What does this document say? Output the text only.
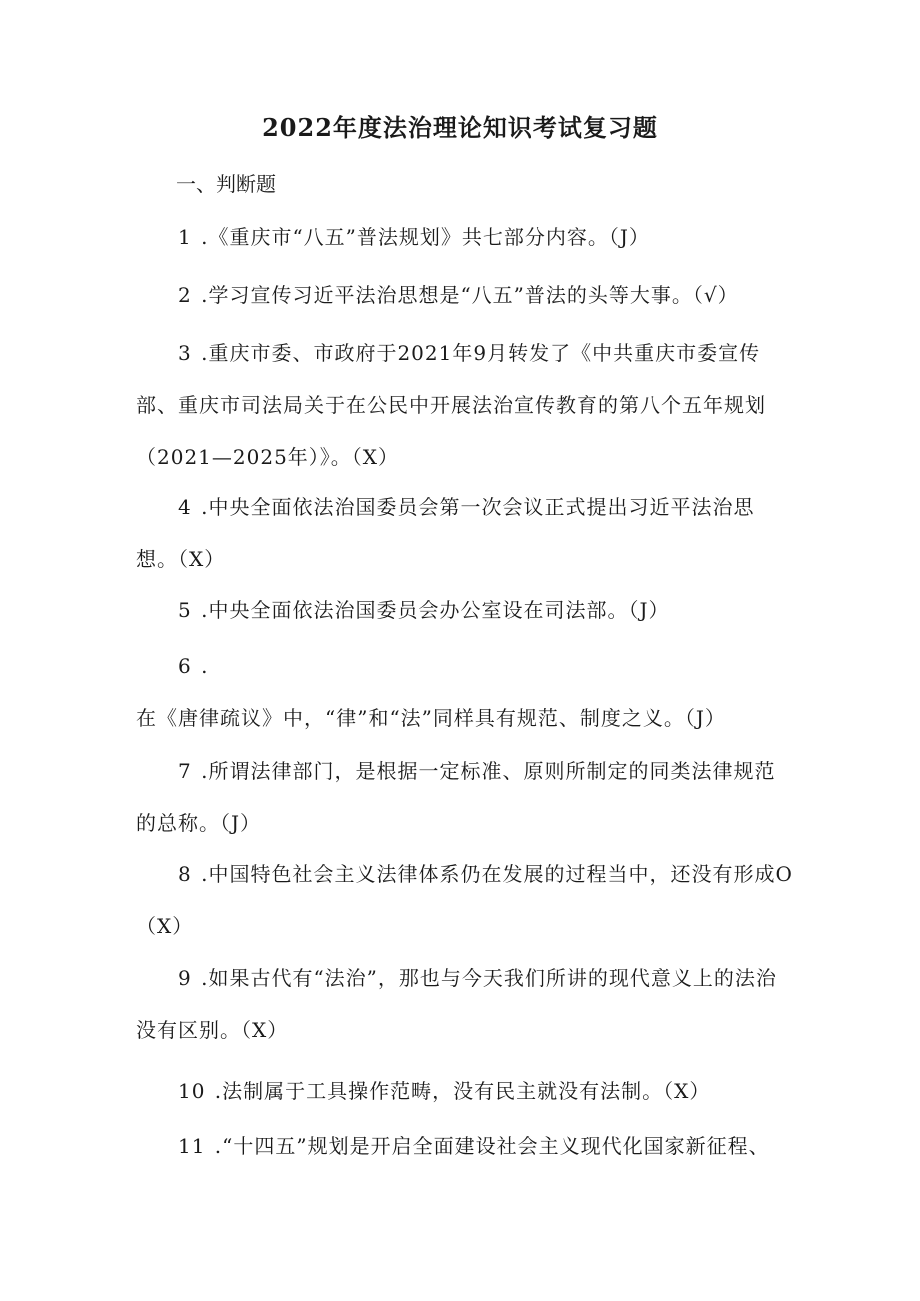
2022年度法治理论知识考试复习题
一、判断题
1 .《重庆市“八五”普法规划》共七部分内容。（J）
2 .学习宣传习近平法治思想是“八五”普法的头等大事。（√）
3 .重庆市委、市政府于2021年9月转发了《中共重庆市委宣传部、重庆市司法局关于在公民中开展法治宣传教育的第八个五年规划（2021—2025年）》。（X）
4 .中央全面依法治国委员会第一次会议正式提出习近平法治思想。（X）
5 .中央全面依法治国委员会办公室设在司法部。（J）
6 .在《唐律疏议》中，“律”和“法”同样具有规范、制度之义。（J）
7 .所谓法律部门，是根据一定标准、原则所制定的同类法律规范的总称。（J）
8 .中国特色社会主义法律体系仍在发展的过程当中，还没有形成O（X）
9 .如果古代有“法治”，那也与今天我们所讲的现代意义上的法治没有区别。（X）
10 .法制属于工具操作范畴，没有民主就没有法制。（X）
11 .“十四五”规划是开启全面建设社会主义现代化国家新征程、
